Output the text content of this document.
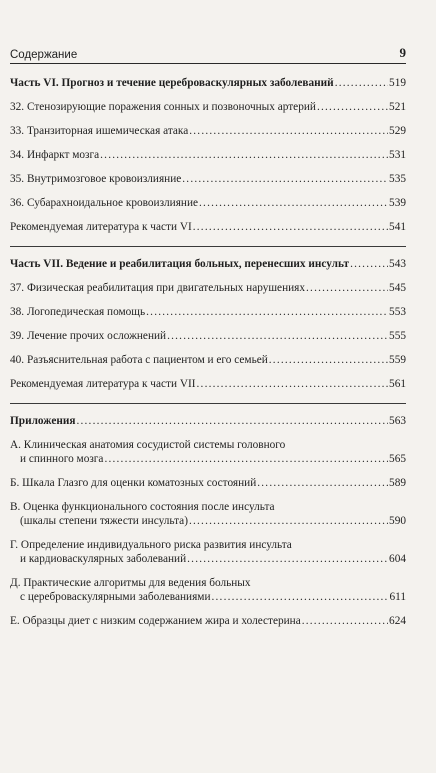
Содержание	9
Часть VI. Прогноз и течение цереброваскулярных заболеваний .....	519
32. Стенозирующие поражения сонных и позвоночных артерий .....	521
33. Транзиторная ишемическая атака .....	529
34. Инфаркт мозга .....	531
35. Внутримозговое кровоизлияние .....	535
36. Субарахноидальное кровоизлияние .....	539
Рекомендуемая литература к части VI .....	541
Часть VII. Ведение и реабилитация больных, перенесших инсульт .....	543
37. Физическая реабилитация при двигательных нарушениях .....	545
38. Логопедическая помощь .....	553
39. Лечение прочих осложнений .....	555
40. Разъяснительная работа с пациентом и его семьей .....	559
Рекомендуемая литература к части VII .....	561
Приложения .....	563
А. Клиническая анатомия сосудистой системы головного
и спинного мозга .....	565
Б. Шкала Глазго для оценки коматозных состояний .....	589
В. Оценка функционального состояния после инсульта
(шкалы степени тяжести инсульта) .....	590
Г. Определение индивидуального риска развития инсульта
и кардиоваскулярных заболеваний .....	604
Д. Практические алгоритмы для ведения больных
с цереброваскулярными заболеваниями .....	611
Е. Образцы диет с низким содержанием жира и холестерина .....	624
